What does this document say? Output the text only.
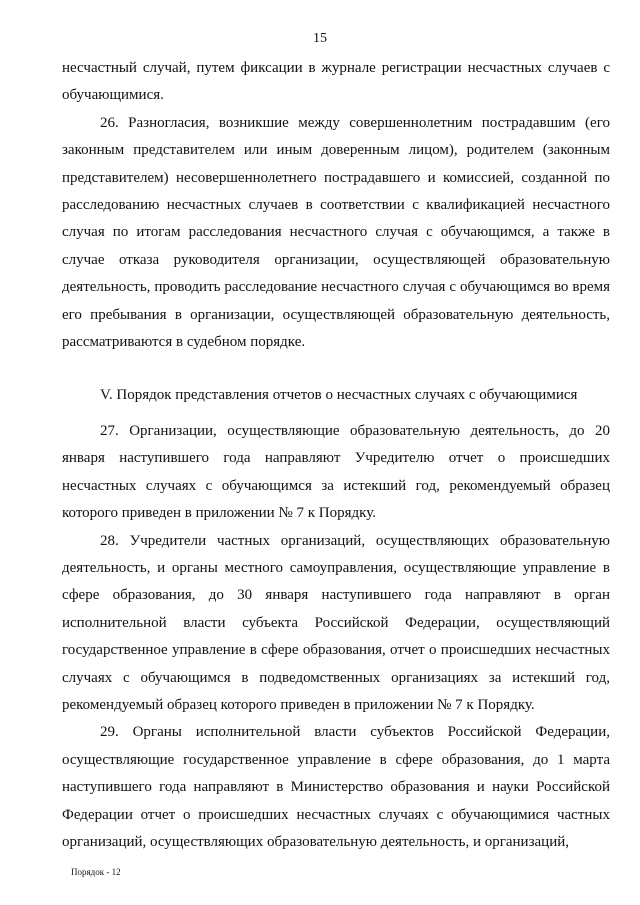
15

несчастный случай, путем фиксации в журнале регистрации несчастных случаев с обучающимися.

26. Разногласия, возникшие между совершеннолетним пострадавшим (его законным представителем или иным доверенным лицом), родителем (законным представителем) несовершеннолетнего пострадавшего и комиссией, созданной по расследованию несчастных случаев в соответствии с квалификацией несчастного случая по итогам расследования несчастного случая с обучающимся, а также в случае отказа руководителя организации, осуществляющей образовательную деятельность, проводить расследование несчастного случая с обучающимся во время его пребывания в организации, осуществляющей образовательную деятельность, рассматриваются в судебном порядке.

V. Порядок представления отчетов о несчастных случаях с обучающимися

27. Организации, осуществляющие образовательную деятельность, до 20 января наступившего года направляют Учредителю отчет о происшедших несчастных случаях с обучающимся за истекший год, рекомендуемый образец которого приведен в приложении № 7 к Порядку.

28. Учредители частных организаций, осуществляющих образовательную деятельность, и органы местного самоуправления, осуществляющие управление в сфере образования, до 30 января наступившего года направляют в орган исполнительной власти субъекта Российской Федерации, осуществляющий государственное управление в сфере образования, отчет о происшедших несчастных случаях с обучающимся в подведомственных организациях за истекший год, рекомендуемый образец которого приведен в приложении № 7 к Порядку.

29. Органы исполнительной власти субъектов Российской Федерации, осуществляющие государственное управление в сфере образования, до 1 марта наступившего года направляют в Министерство образования и науки Российской Федерации отчет о происшедших несчастных случаях с обучающимися частных организаций, осуществляющих образовательную деятельность, и организаций,

Порядок - 12
